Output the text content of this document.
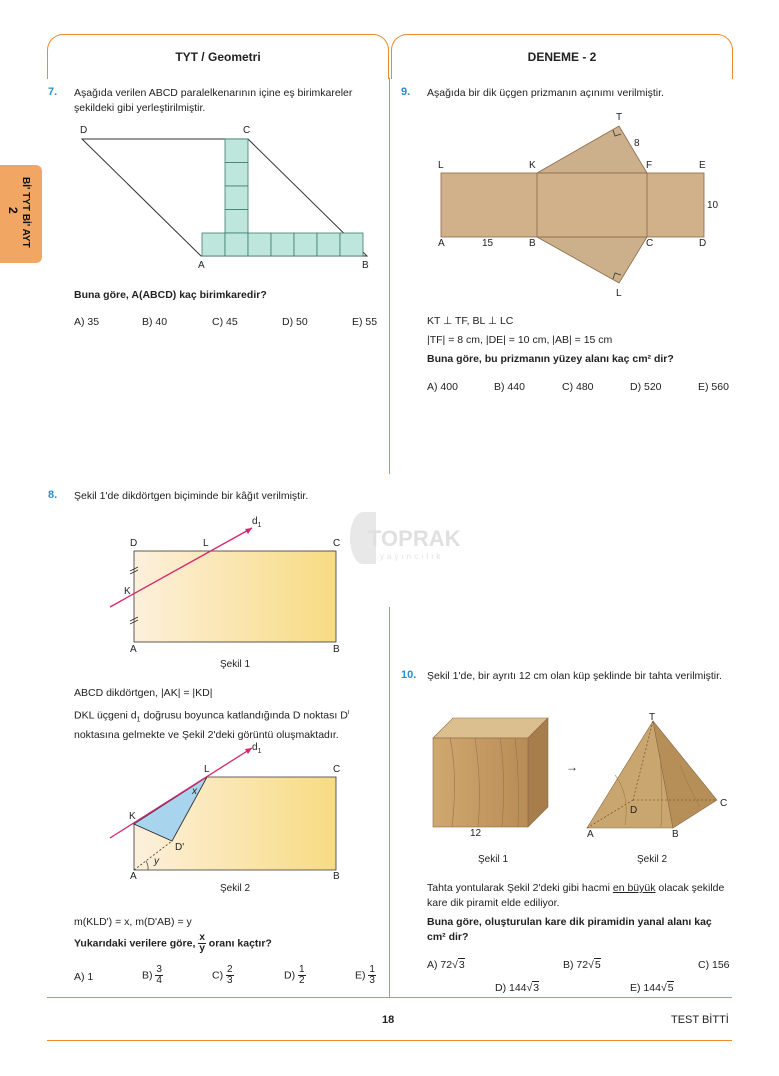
TYT / Geometri	DENEME - 2
Bİ' TYT Bİ' AYT
2
7. Aşağıda verilen ABCD paralelkenarının içine eş birimkareler şekildeki gibi yerleştirilmiştir.
D	C
A	B
Buna göre, A(ABCD) kaç birimkaredir?
A) 35	B) 40	C) 45	D) 50	E) 55
9. Aşağıda bir dik üçgen prizmanın açınımı verilmiştir.
T
8
L	K	F	E
10
A	15	B	C	D
L
KT ⊥ TF, BL ⊥ LC
|TF| = 8 cm, |DE| = 10 cm, |AB| = 15 cm
Buna göre, bu prizmanın yüzey alanı kaç cm² dir?
A) 400	B) 440	C) 480	D) 520	E) 560
8. Şekil 1'de dikdörtgen biçiminde bir kâğıt verilmiştir.
TOPRAK
yayıncılık
D	L	C
K
A	B
$d_1$
Şekil 1
ABCD dikdörtgen, |AK| = |KD|
DKL üçgeni $d_1$ doğrusu boyunca katlandığında D noktası $D^ı$
noktasına gelmekte ve Şekil 2'deki görüntü oluşmaktadır.
L	C
x
K
D'
y
A	B
$d_1$
Şekil 2
m(KLD') = x, m(D'AB) = y
Yukarıdaki verilere göre, $\frac{x}{y}$ oranı kaçtır?
A) 1	$B) \frac{3}{4}$	$C) \frac{2}{3}$	$D) \frac{1}{2}$	$E) \frac{1}{3}$
10. Şekil 1'de, bir ayrıtı 12 cm olan küp şeklinde bir tahta verilmiştir.
12
→
T
D
C
A	B
Şekil 1	Şekil 2
Tahta yontularak Şekil 2'deki gibi hacmi en büyük olacak şekilde kare dik piramit elde ediliyor.
Buna göre, oluşturulan kare dik piramidin yanal alanı kaç cm² dir?
A) 72√3	B) 72√5	C) 156
D) 144√3	E) 144√5
18	TEST BİTTİ
